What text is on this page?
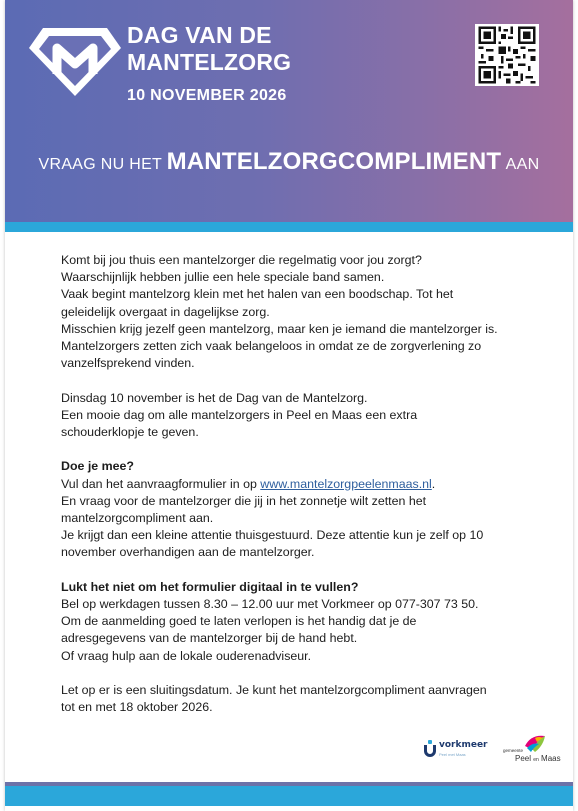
DAG VAN DE
MANTELZORG
10 NOVEMBER 2026
VRAAG NU HET MANTELZORGCOMPLIMENT AAN

Komt bij jou thuis een mantelzorger die regelmatig voor jou zorgt?
Waarschijnlijk hebben jullie een hele speciale band samen.
Vaak begint mantelzorg klein met het halen van een boodschap. Tot het
geleidelijk overgaat in dagelijkse zorg.
Misschien krijg jezelf geen mantelzorg, maar ken je iemand die mantelzorger is.
Mantelzorgers zetten zich vaak belangeloos in omdat ze de zorgverlening zo
vanzelfsprekend vinden.

Dinsdag 10 november is het de Dag van de Mantelzorg.
Een mooie dag om alle mantelzorgers in Peel en Maas een extra
schouderklopje te geven.

Doe je mee?
Vul dan het aanvraagformulier in op www.mantelzorgpeelenmaas.nl.
En vraag voor de mantelzorger die jij in het zonnetje wilt zetten het
mantelzorgcompliment aan.
Je krijgt dan een kleine attentie thuisgestuurd. Deze attentie kun je zelf op 10
november overhandigen aan de mantelzorger.

Lukt het niet om het formulier digitaal in te vullen?
Bel op werkdagen tussen 8.30 – 12.00 uur met Vorkmeer op 077-307 73 50.
Om de aanmelding goed te laten verlopen is het handig dat je de
adresgegevens van de mantelzorger bij de hand hebt.
Of vraag hulp aan de lokale ouderenadviseur.

Let op er is een sluitingsdatum. Je kunt het mantelzorgcompliment aanvragen
tot en met 18 oktober 2026.

vorkmeer
Peel met Maas
gemeente
Peel en Maas
